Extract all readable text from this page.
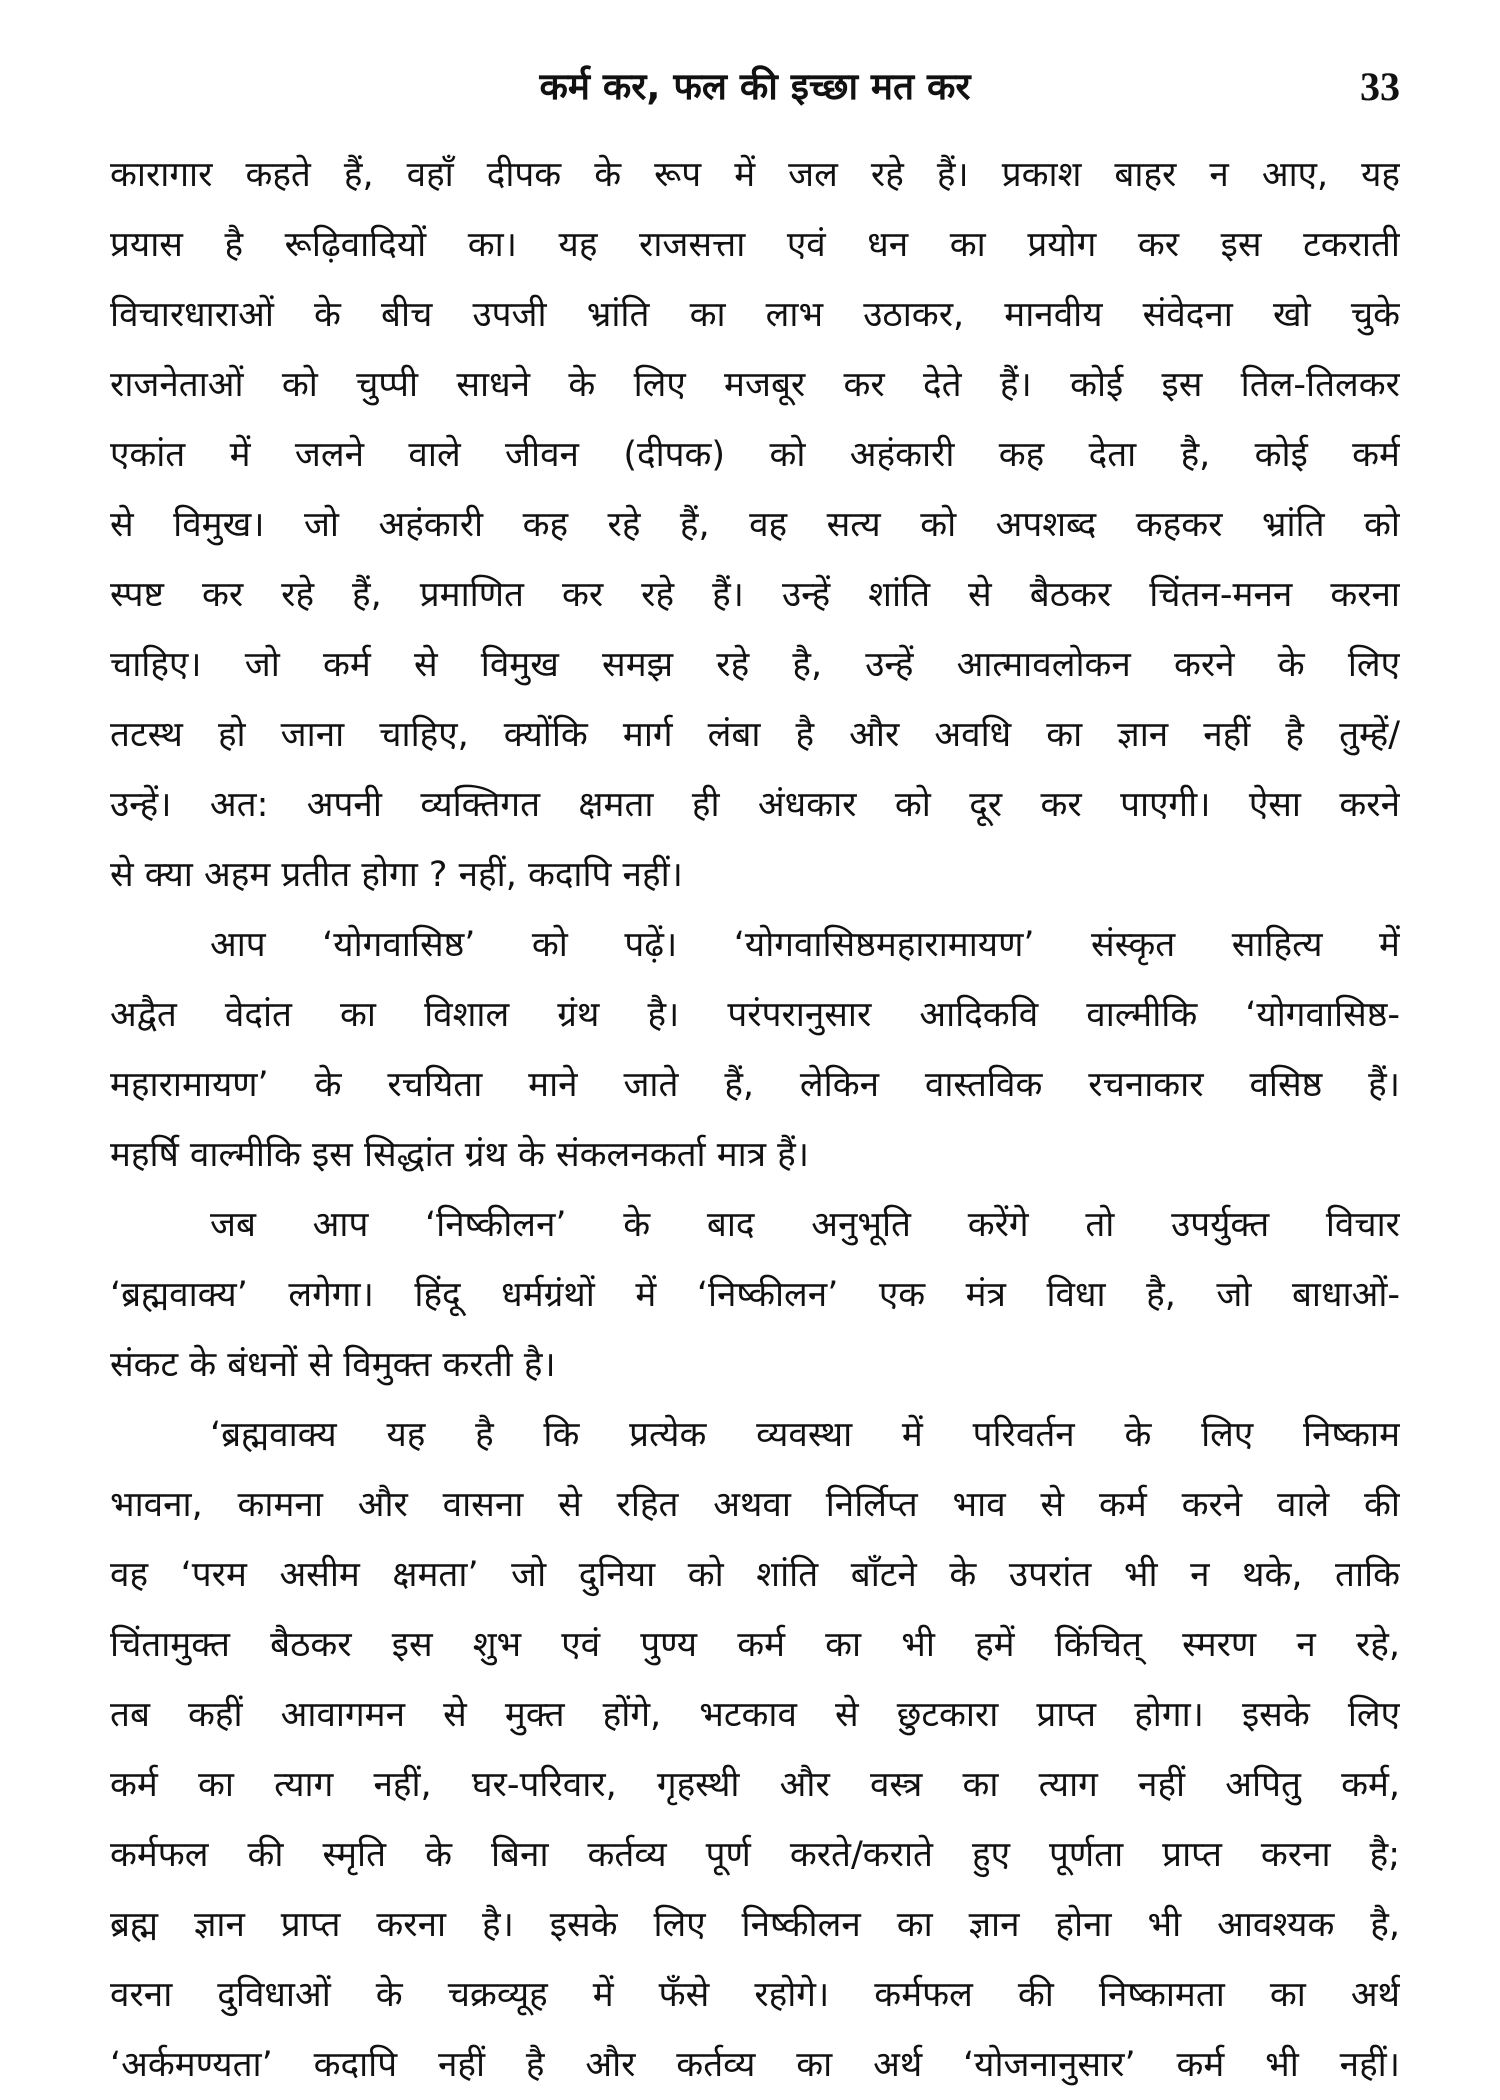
कर्म कर, फल की इच्छा मत कर	33
कारागार कहते हैं, वहाँ दीपक के रूप में जल रहे हैं। प्रकाश बाहर न आए, यह
प्रयास है रूढ़िवादियों का। यह राजसत्ता एवं धन का प्रयोग कर इस टकराती
विचारधाराओं के बीच उपजी भ्रांति का लाभ उठाकर, मानवीय संवेदना खो चुके
राजनेताओं को चुप्पी साधने के लिए मजबूर कर देते हैं। कोई इस तिल-तिलकर
एकांत में जलने वाले जीवन (दीपक) को अहंकारी कह देता है, कोई कर्म
से विमुख। जो अहंकारी कह रहे हैं, वह सत्य को अपशब्द कहकर भ्रांति को
स्पष्ट कर रहे हैं, प्रमाणित कर रहे हैं। उन्हें शांति से बैठकर चिंतन-मनन करना
चाहिए। जो कर्म से विमुख समझ रहे है, उन्हें आत्मावलोकन करने के लिए
तटस्थ हो जाना चाहिए, क्योंकि मार्ग लंबा है और अवधि का ज्ञान नहीं है तुम्हें/
उन्हें। अत: अपनी व्यक्तिगत क्षमता ही अंधकार को दूर कर पाएगी। ऐसा करने
से क्या अहम प्रतीत होगा ? नहीं, कदापि नहीं।
आप ‘योगवासिष्ठ’ को पढ़ें। ‘योगवासिष्ठमहारामायण’ संस्कृत साहित्य में
अद्वैत वेदांत का विशाल ग्रंथ है। परंपरानुसार आदिकवि वाल्मीकि ‘योगवासिष्ठ-
महारामायण’ के रचयिता माने जाते हैं, लेकिन वास्तविक रचनाकार वसिष्ठ हैं।
महर्षि वाल्मीकि इस सिद्धांत ग्रंथ के संकलनकर्ता मात्र हैं।
जब आप ‘निष्कीलन’ के बाद अनुभूति करेंगे तो उपर्युक्त विचार
‘ब्रह्मवाक्य’ लगेगा। हिंदू धर्मग्रंथों में ‘निष्कीलन’ एक मंत्र विधा है, जो बाधाओं-
संकट के बंधनों से विमुक्त करती है।
‘ब्रह्मवाक्य यह है कि प्रत्येक व्यवस्था में परिवर्तन के लिए निष्काम
भावना, कामना और वासना से रहित अथवा निर्लिप्त भाव से कर्म करने वाले की
वह ‘परम असीम क्षमता’ जो दुनिया को शांति बाँटने के उपरांत भी न थके, ताकि
चिंतामुक्त बैठकर इस शुभ एवं पुण्य कर्म का भी हमें किंचित् स्मरण न रहे,
तब कहीं आवागमन से मुक्त होंगे, भटकाव से छुटकारा प्राप्त होगा। इसके लिए
कर्म का त्याग नहीं, घर-परिवार, गृहस्थी और वस्त्र का त्याग नहीं अपितु कर्म,
कर्मफल की स्मृति के बिना कर्तव्य पूर्ण करते/कराते हुए पूर्णता प्राप्त करना है;
ब्रह्म ज्ञान प्राप्त करना है। इसके लिए निष्कीलन का ज्ञान होना भी आवश्यक है,
वरना दुविधाओं के चक्रव्यूह में फँसे रहोगे। कर्मफल की निष्कामता का अर्थ
‘अर्कमण्यता’ कदापि नहीं है और कर्तव्य का अर्थ ‘योजनानुसार’ कर्म भी नहीं।
